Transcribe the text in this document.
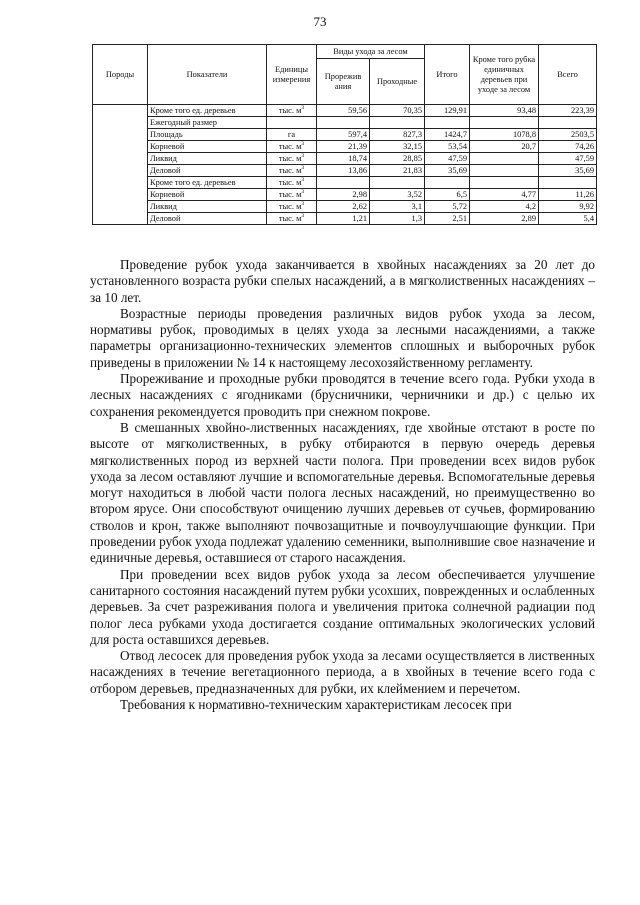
73
Породы	Показатели	Единицы измерения	Виды ухода за лесом		Итого	Кроме того рубка единичных деревьев при уходе за лесом	Всего
			Прорежив ания	Проходные			
	Кроме того ед. деревьев	тыс. $м^3$	59,56	70,35	129,91	93,48	223,39
	Ежегодный размер						
	Площадь	га	597,4	827,3	1424,7	1078,8	2503,5
	Корневой	тыс. $м^3$	21,39	32,15	53,54	20,7	74,26
	Ликвид	тыс. $м^3$	18,74	28,85	47,59		47,59
	Деловой	тыс. $м^3$	13,86	21,83	35,69		35,69
	Кроме того ед. деревьев	тыс. $м^3$					
	Корневой	тыс. $м^3$	2,98	3,52	6,5	4,77	11,26
	Ликвид	тыс. $м^3$	2,62	3,1	5,72	4,2	9,92
	Деловой	тыс. $м^3$	1,21	1,3	2,51	2,89	5,4

Проведение рубок ухода заканчивается в хвойных насаждениях за 20 лет до установленного возраста рубки спелых насаждений, а в мягколиственных насаждениях – за 10 лет.

Возрастные периоды проведения различных видов рубок ухода за лесом, нормативы рубок, проводимых в целях ухода за лесными насаждениями, а также параметры организационно-технических элементов сплошных и выборочных рубок приведены в приложении № 14 к настоящему лесохозяйственному регламенту.

Прореживание и проходные рубки проводятся в течение всего года. Рубки ухода в лесных насаждениях с ягодниками (брусничники, черничники и др.) с целью их сохранения рекомендуется проводить при снежном покрове.

В смешанных хвойно-лиственных насаждениях, где хвойные отстают в росте по высоте от мягколиственных, в рубку отбираются в первую очередь деревья мягколиственных пород из верхней части полога. При проведении всех видов рубок ухода за лесом оставляют лучшие и вспомогательные деревья. Вспомогательные деревья могут находиться в любой части полога лесных насаждений, но преимущественно во втором ярусе. Они способствуют очищению лучших деревьев от сучьев, формированию стволов и крон, также выполняют почвозащитные и почвоулучшающие функции. При проведении рубок ухода подлежат удалению семенники, выполнившие свое назначение и единичные деревья, оставшиеся от старого насаждения.

При проведении всех видов рубок ухода за лесом обеспечивается улучшение санитарного состояния насаждений путем рубки усохших, поврежденных и ослабленных деревьев. За счет разреживания полога и увеличения притока солнечной радиации под полог леса рубками ухода достигается создание оптимальных экологических условий для роста оставшихся деревьев.

Отвод лесосек для проведения рубок ухода за лесами осуществляется в лиственных насаждениях в течение вегетационного периода, а в хвойных в течение всего года с отбором деревьев, предназначенных для рубки, их клеймением и перечетом.

Требования к нормативно-техническим характеристикам лесосек при
